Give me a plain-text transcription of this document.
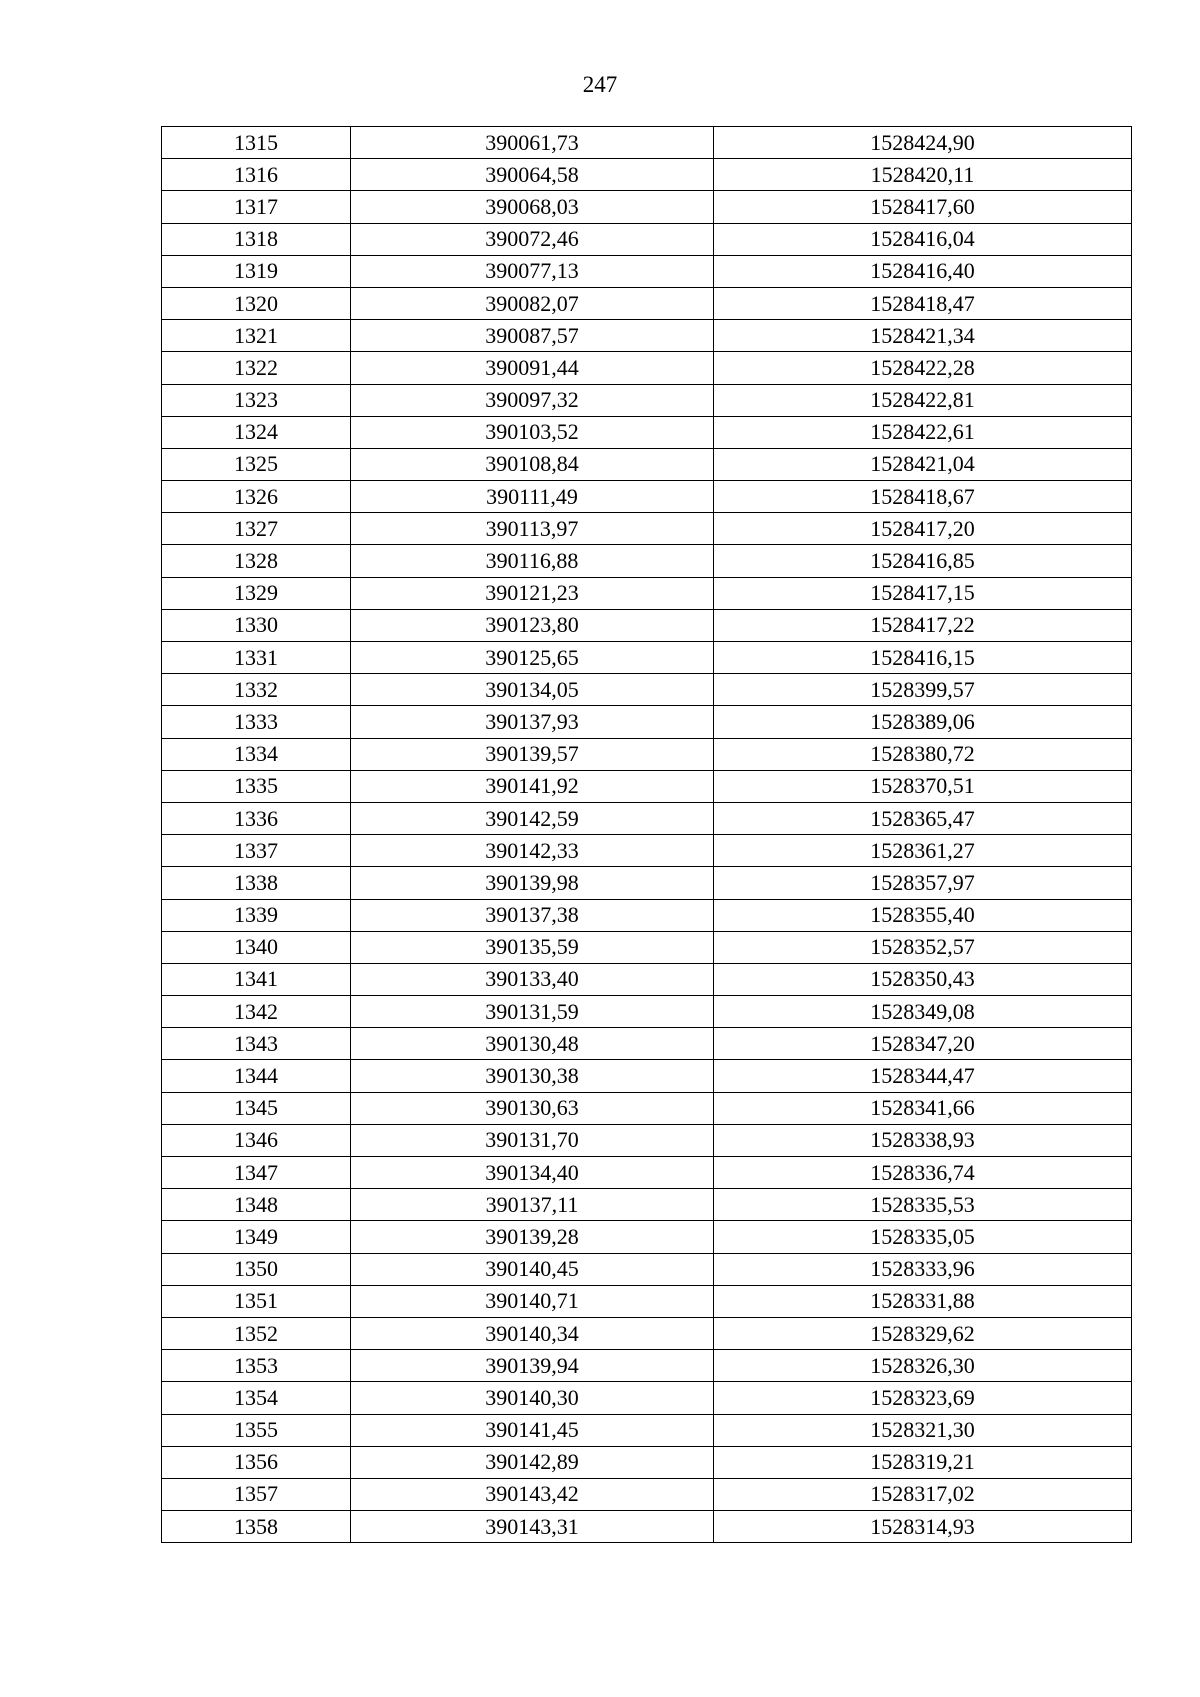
247
1315	390061,73	1528424,90
1316	390064,58	1528420,11
1317	390068,03	1528417,60
1318	390072,46	1528416,04
1319	390077,13	1528416,40
1320	390082,07	1528418,47
1321	390087,57	1528421,34
1322	390091,44	1528422,28
1323	390097,32	1528422,81
1324	390103,52	1528422,61
1325	390108,84	1528421,04
1326	390111,49	1528418,67
1327	390113,97	1528417,20
1328	390116,88	1528416,85
1329	390121,23	1528417,15
1330	390123,80	1528417,22
1331	390125,65	1528416,15
1332	390134,05	1528399,57
1333	390137,93	1528389,06
1334	390139,57	1528380,72
1335	390141,92	1528370,51
1336	390142,59	1528365,47
1337	390142,33	1528361,27
1338	390139,98	1528357,97
1339	390137,38	1528355,40
1340	390135,59	1528352,57
1341	390133,40	1528350,43
1342	390131,59	1528349,08
1343	390130,48	1528347,20
1344	390130,38	1528344,47
1345	390130,63	1528341,66
1346	390131,70	1528338,93
1347	390134,40	1528336,74
1348	390137,11	1528335,53
1349	390139,28	1528335,05
1350	390140,45	1528333,96
1351	390140,71	1528331,88
1352	390140,34	1528329,62
1353	390139,94	1528326,30
1354	390140,30	1528323,69
1355	390141,45	1528321,30
1356	390142,89	1528319,21
1357	390143,42	1528317,02
1358	390143,31	1528314,93
